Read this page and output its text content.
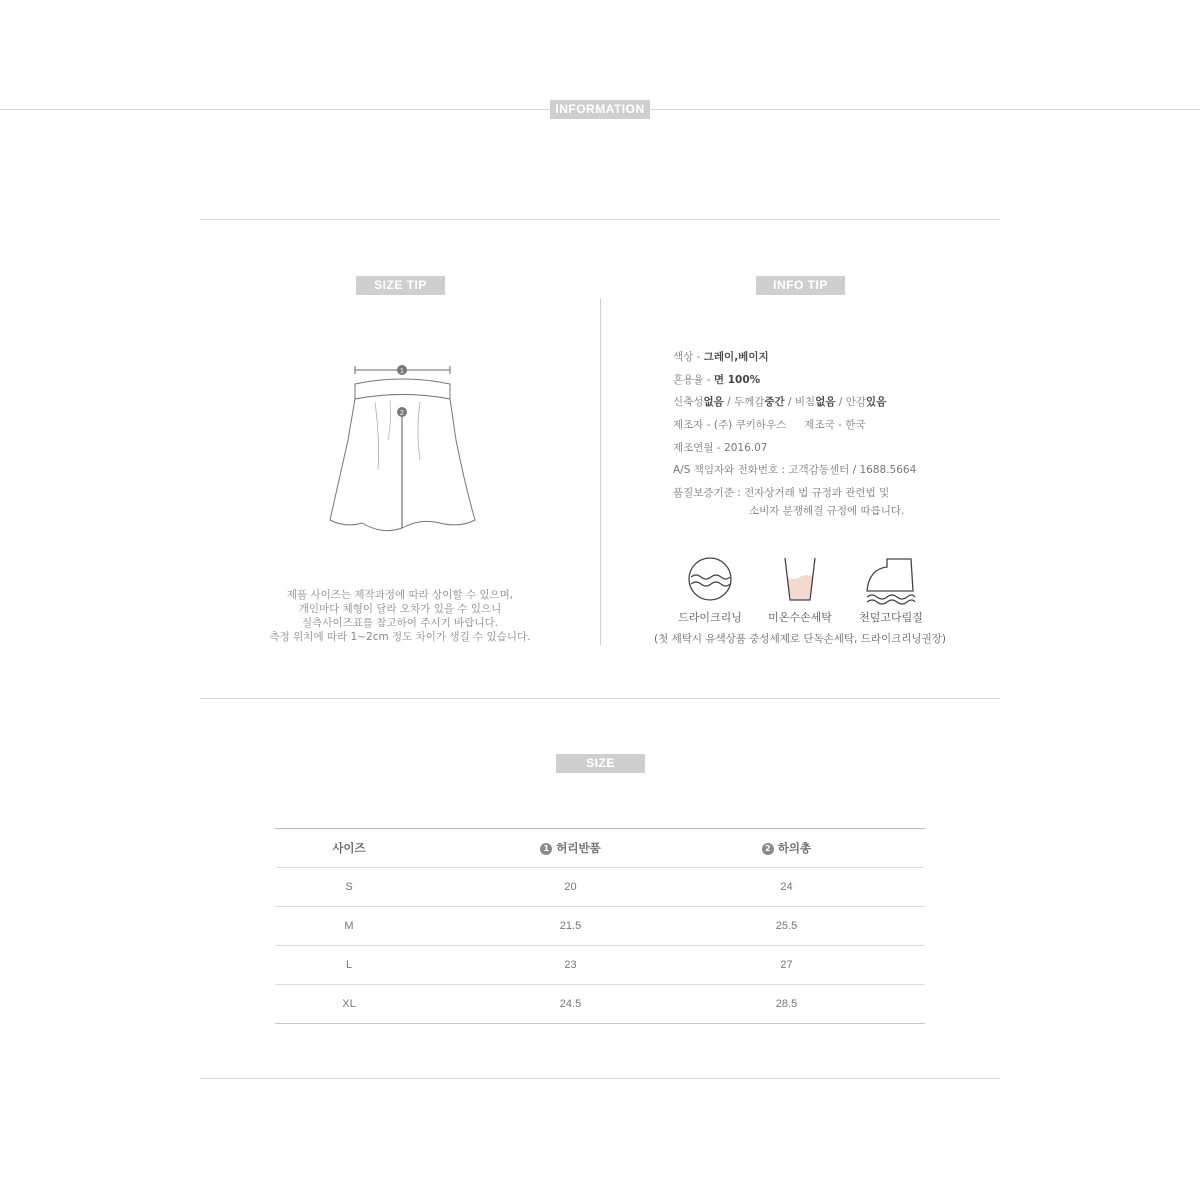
INFORMATION
SIZE TIP
1
2
제품 사이즈는 제작과정에 따라 상이할 수 있으며,
개인마다 체형이 달라 오차가 있을 수 있으니
실측사이즈표를 참고하여 주시기 바랍니다.
측정 위치에 따라 1~2cm 정도 차이가 생길 수 있습니다.
INFO TIP
색상 - 그레이,베이지
혼용율 - 면 100%
신축성없음 / 두께감중간 / 비침없음 / 안감있음
제조자 - (주) 쿠키하우스 제조국 - 한국
제조연월 - 2016.07
A/S 책임자와 전화번호 : 고객감동센터 / 1688.5664
품질보증기준 : 전자상거래 법 규정과 관련법 및
소비자 분쟁해결 규정에 따릅니다.
드라이크리닝	미온수손세탁	천덮고다림질
(첫 세탁시 유색상품 중성세제로 단독손세탁, 드라이크리닝권장)
SIZE
사이즈	1 허리반품	2 하의총	
S	20	24	
M	21.5	25.5	
L	23	27	
XL	24.5	28.5	
